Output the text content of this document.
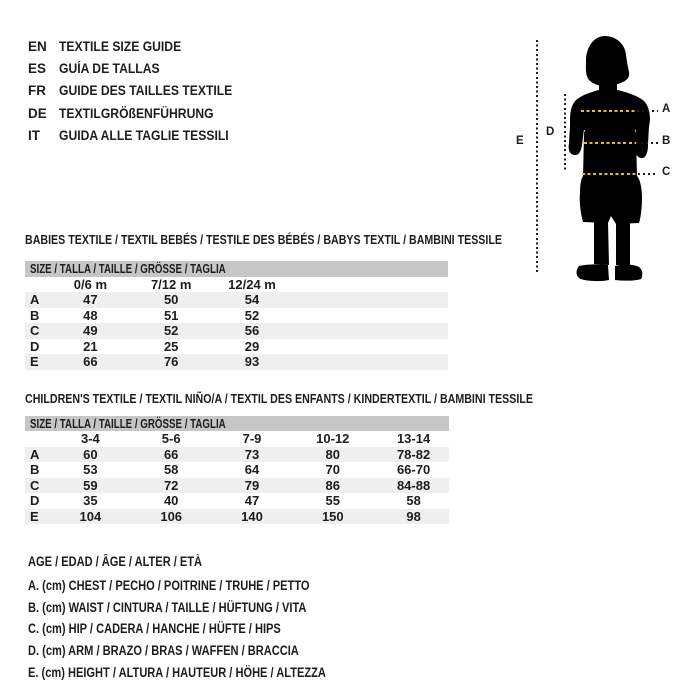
EN TEXTILE SIZE GUIDE
ES GUÍA DE TALLAS
FR GUIDE DES TAILLES TEXTILE
DE TEXTILGRÖßENFÜHRUNG
IT	GUIDA ALLE TAGLIE TESSILI	E
D
A
B
C
BABIES TEXTILE / TEXTIL BEBÉS / TESTILE DES BÉBÉS / BABYS TEXTIL / BAMBINI TESSILE
SIZE / TALLA / TAILLE / GRÖSSE / TAGLIA
0/6 m	7/12 m	12/24 m
A	47	50	54
B	48	51	52
C	49	52	56
D	21	25	29
E	66	76	93
CHILDREN'S TEXTILE / TEXTIL NIÑO/A / TEXTIL DES ENFANTS / KINDERTEXTIL / BAMBINI TESSILE
SIZE / TALLA / TAILLE / GRÖSSE / TAGLIA
3-4	5-6	7-9	10-12	13-14
A	60	66	73	80	78-82
B	53	58	64	70	66-70
C	59	72	79	86	84-88
D	35	40	47	55	58
E	104	106	140	150	98
AGE / EDAD / ÂGE / ALTER / ETÀ
A. (cm) CHEST / PECHO / POITRINE / TRUHE / PETTO
B. (cm) WAIST / CINTURA / TAILLE / HÜFTUNG / VITA
C. (cm) HIP / CADERA / HANCHE / HÜFTE / HIPS
D. (cm) ARM / BRAZO / BRAS / WAFFEN / BRACCIA
E. (cm) HEIGHT / ALTURA / HAUTEUR / HÖHE / ALTEZZA
